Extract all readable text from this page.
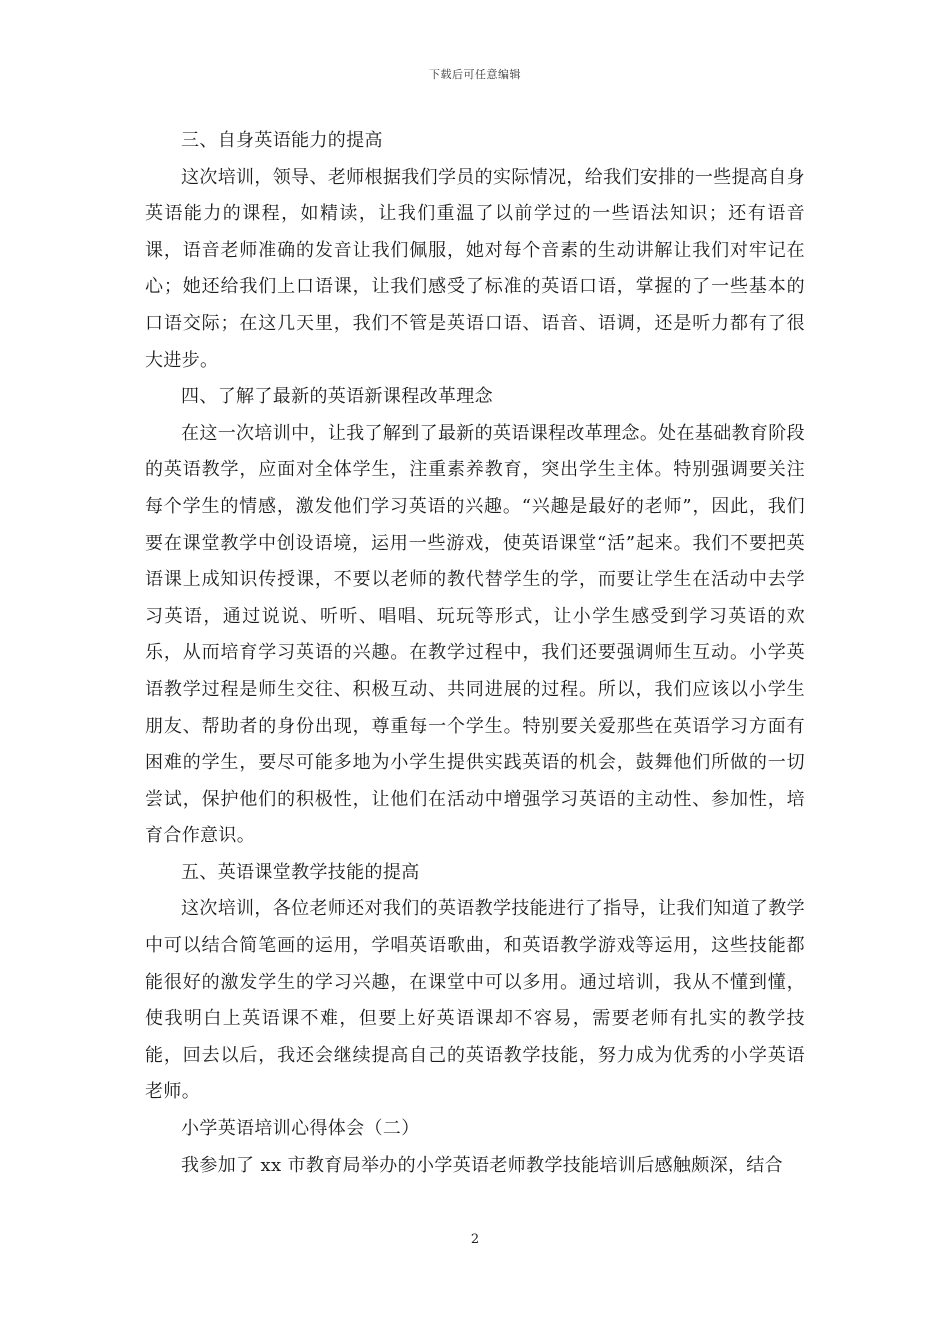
下载后可任意编辑

三、自身英语能力的提高

这次培训，领导、老师根据我们学员的实际情况，给我们安排的一些提高自身英语能力的课程，如精读，让我们重温了以前学过的一些语法知识；还有语音课，语音老师准确的发音让我们佩服，她对每个音素的生动讲解让我们对牢记在心；她还给我们上口语课，让我们感受了标准的英语口语，掌握的了一些基本的口语交际；在这几天里，我们不管是英语口语、语音、语调，还是听力都有了很大进步。

四、了解了最新的英语新课程改革理念

在这一次培训中，让我了解到了最新的英语课程改革理念。处在基础教育阶段的英语教学，应面对全体学生，注重素养教育，突出学生主体。特别强调要关注每个学生的情感，激发他们学习英语的兴趣。“兴趣是最好的老师”，因此，我们要在课堂教学中创设语境，运用一些游戏，使英语课堂“活”起来。我们不要把英语课上成知识传授课，不要以老师的教代替学生的学，而要让学生在活动中去学习英语，通过说说、听听、唱唱、玩玩等形式，让小学生感受到学习英语的欢乐，从而培育学习英语的兴趣。在教学过程中，我们还要强调师生互动。小学英语教学过程是师生交往、积极互动、共同进展的过程。所以，我们应该以小学生朋友、帮助者的身份出现，尊重每一个学生。特别要关爱那些在英语学习方面有困难的学生，要尽可能多地为小学生提供实践英语的机会，鼓舞他们所做的一切尝试，保护他们的积极性，让他们在活动中增强学习英语的主动性、参加性，培育合作意识。

五、英语课堂教学技能的提高

这次培训，各位老师还对我们的英语教学技能进行了指导，让我们知道了教学中可以结合简笔画的运用，学唱英语歌曲，和英语教学游戏等运用，这些技能都能很好的激发学生的学习兴趣，在课堂中可以多用。通过培训，我从不懂到懂，使我明白上英语课不难，但要上好英语课却不容易，需要老师有扎实的教学技能，回去以后，我还会继续提高自己的英语教学技能，努力成为优秀的小学英语老师。

小学英语培训心得体会（二）

我参加了 xx 市教育局举办的小学英语老师教学技能培训后感触颇深，结合

2
